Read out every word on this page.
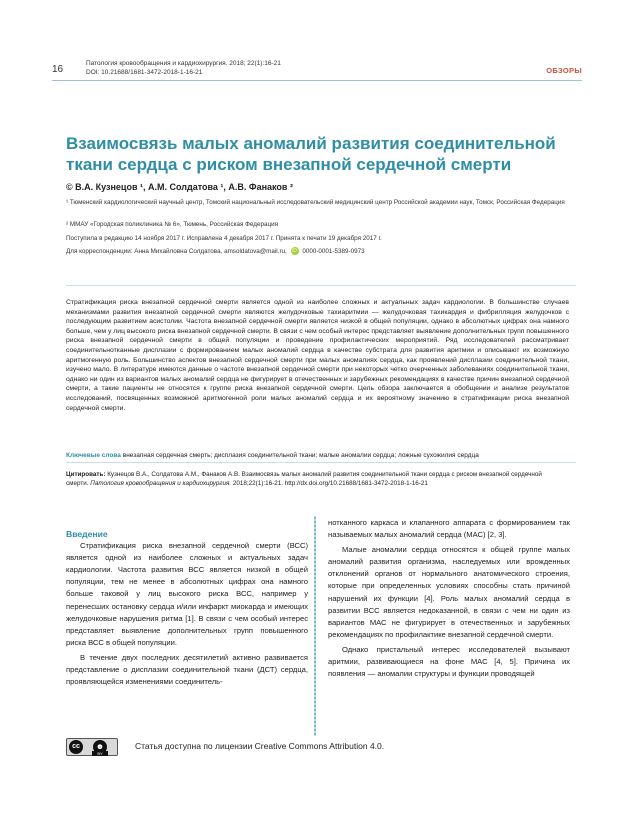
16
Патология кровообращения и кардиохирургия. 2018; 22(1):16-21
DOI: 10.21688/1681-3472-2018-1-16-21	ОБЗОРЫ
Взаимосвязь малых аномалий развития соединительной ткани сердца с риском внезапной сердечной смерти
© В.А. Кузнецов ¹, А.М. Солдатова ¹, А.В. Фанаков ²
¹ Тюменский кардиологический научный центр, Томский национальный исследовательский медицинский центр Российской академии наук, Томск, Российская Федерация
² ММАУ «Городская поликлиника № 6», Тюмень, Российская Федерация
Поступила в редакцию 14 ноября 2017 г. Исправлена 4 декабря 2017 г. Принята к печати 19 декабря 2017 г.
Для корреспонденции: Анна Михайловна Солдатова, amsoldatova@mail.ru, iD 0000-0001-5389-0973

Стратификация риска внезапной сердечной смерти является одной из наиболее сложных и актуальных задач кардиологии. В большинстве случаев механизмами развития внезапной сердечной смерти являются желудочковые тахиаритмии — желудочковая тахикардия и фибрилляция желудочков с последующим развитием асистолии. Частота внезапной сердечной смерти является низкой в общей популяции, однако в абсолютных цифрах она намного больше, чем у лиц высокого риска внезапной сердечной смерти. В связи с чем особый интерес представляет выявление дополнительных групп повышенного риска внезапной сердечной смерти в общей популяции и проведение профилактических мероприятий. Ряд исследователей рассматривает соединительнотканные дисплазии с формированием малых аномалий сердца в качестве субстрата для развития аритмии и описывают их возможную аритмогенную роль. Большинство аспектов внезапной сердечной смерти при малых аномалиях сердца, как проявлений дисплазии соединительной ткани, изучено мало. В литературе имеются данные о частоте внезапной сердечной смерти при некоторых четко очерченных заболеваниях соединительной ткани, однако ни один из вариантов малых аномалий сердца не фигурирует в отечественных и зарубежных рекомендациях в качестве причин внезапной сердечной смерти, а такие пациенты не относятся к группе риска внезапной сердечной смерти. Цель обзора заключается в обобщении и анализе результатов исследований, посвященных возможной аритмогенной роли малых аномалий сердца и их вероятному значению в стратификации риска внезапной сердечной смерти.

Ключевые слова внезапная сердечная смерть; дисплазия соединительной ткани; малые аномалии сердца; ложные сухожилия сердца
Цитировать: Кузнецов В.А., Солдатова А.М., Фанаков А.В. Взаимосвязь малых аномалий развития соединительной ткани сердца с риском внезапной сердечной смерти. Патология кровообращения и кардиохирургия. 2018;22(1):16-21. http://dx.doi.org/10.21688/1681-3472-2018-1-16-21

Введение

Стратификация риска внезапной сердечной смерти (ВСС) является одной из наиболее сложных и актуальных задач кардиологии. Частота развития ВСС является низкой в общей популяции, тем не менее в абсолютных цифрах она намного больше таковой у лиц высокого риска ВСС, например у перенесших остановку сердца и/или инфаркт миокарда и имеющих желудочковые нарушения ритма [1]. В связи с чем особый интерес представляет выявление дополнительных групп повышенного риска ВСС в общей популяции.

В течение двух последних десятилетий активно развивается представление о дисплазии соединительной ткани (ДСТ) сердца, проявляющейся изменениями соединитель-

нотканного каркаса и клапанного аппарата с формированием так называемых малых аномалий сердца (МАС) [2, 3].

Малые аномалии сердца относятся к общей группе малых аномалий развития организма, наследуемых или врожденных отклонений органов от нормального анатомического строения, которые при определенных условиях способны стать причиной нарушений их функции [4]. Роль малых аномалий сердца в развитии ВСС является недоказанной, в связи с чем ни один из вариантов МАС не фигурирует в отечественных и зарубежных рекомендациях по профилактике внезапной сердечной смерти.

Однако пристальный интерес исследователей вызывают аритмии, развивающиеся на фоне МАС [4, 5]. Причина их появления — аномалии структуры и функции проводящей

cc	☻
BY
Статья доступна по лицензии Creative Commons Attribution 4.0.
